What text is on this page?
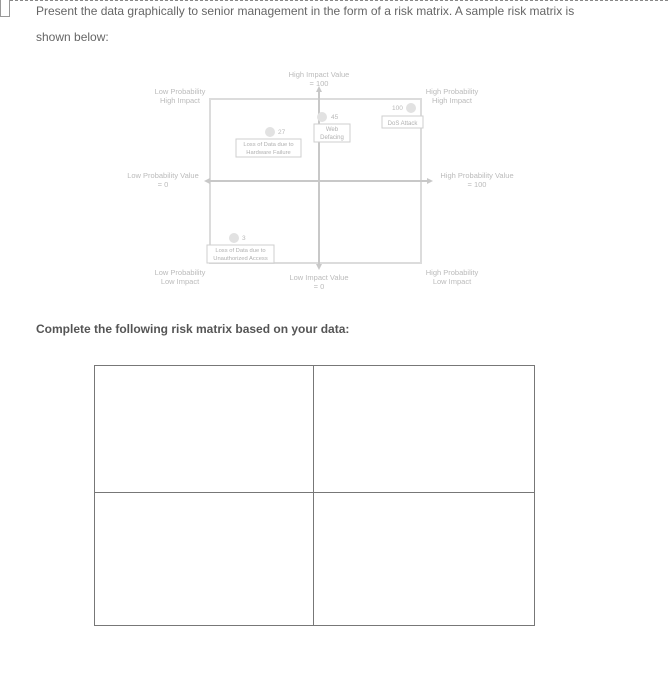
Present the data graphically to senior management in the form of a risk matrix. A sample risk matrix is
shown below:
100
DoS Attack
45
Web
Defacing
27
Loss of Data due to
Hardware Failure
3
Loss of Data due to
Unauthorized Access
High Impact Value
= 100
Low Impact Value
= 0
Low Probability Value
= 0
High Probability Value
= 100
Low Probability
High Impact
High Probability
High Impact
Low Probability
Low Impact
High Probability
Low Impact
Complete the following risk matrix based on your data:
